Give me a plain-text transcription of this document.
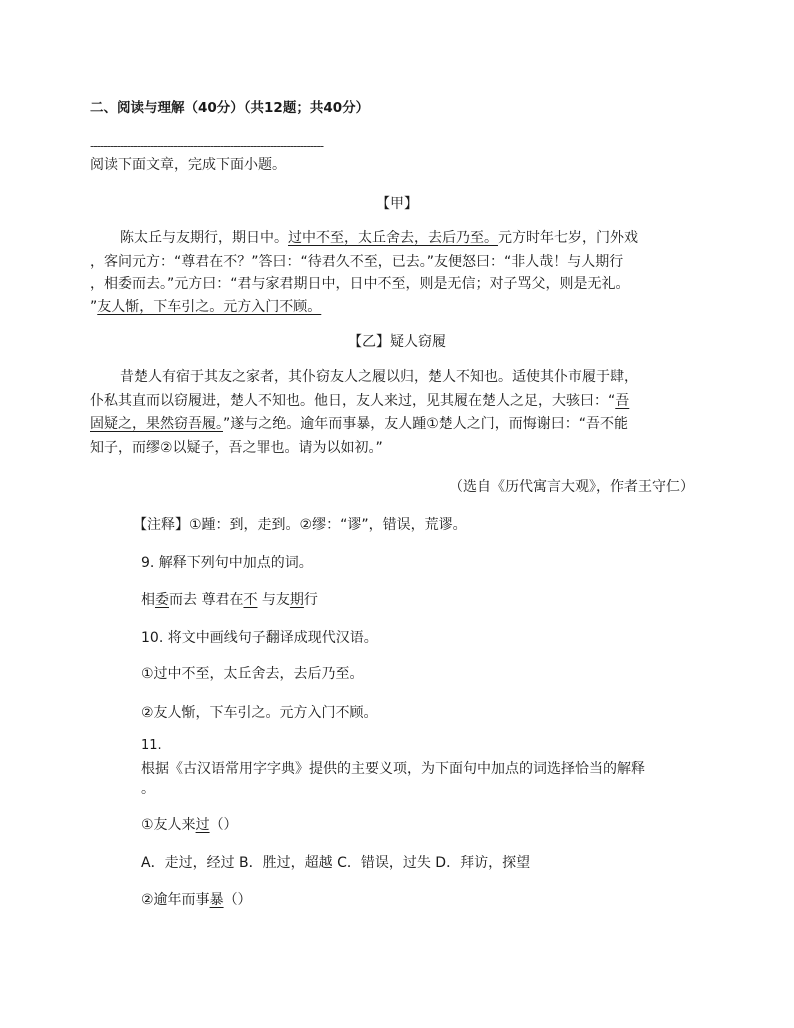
二、阅读与理解（40分）（共12题；共40分）
----------------------------------------------------------------------
阅读下面文章，完成下面小题。
【甲】
陈太丘与友期行，期日中。过中不至，太丘舍去，去后乃至。元方时年七岁，门外戏
，客问元方：“尊君在不？”答曰：“待君久不至，已去。”友便怒曰：“非人哉！与人期行
，相委而去。”元方曰：“君与家君期日中，日中不至，则是无信；对子骂父，则是无礼。
”友人惭，下车引之。元方入门不顾。
【乙】疑人窃履
昔楚人有宿于其友之家者，其仆窃友人之履以归，楚人不知也。适使其仆市履于肆，
仆私其直而以窃履进，楚人不知也。他日，友人来过，见其履在楚人之足，大骇曰：“吾
固疑之，果然窃吾履。”遂与之绝。逾年而事暴，友人踵①楚人之门，而悔谢曰：“吾不能
知子，而缪②以疑子，吾之罪也。请为以如初。”
（选自《历代寓言大观》，作者王守仁）
【注释】①踵：到，走到。②缪：“谬”，错误，荒谬。
9. 解释下列句中加点的词。
相委而去 尊君在不 与友期行
10. 将文中画线句子翻译成现代汉语。
①过中不至，太丘舍去，去后乃至。
②友人惭，下车引之。元方入门不顾。
11.
根据《古汉语常用字字典》提供的主要义项，为下面句中加点的词选择恰当的解释
。
①友人来过（）
A．走过，经过 B．胜过，超越 C．错误，过失 D．拜访，探望
②逾年而事暴（）
